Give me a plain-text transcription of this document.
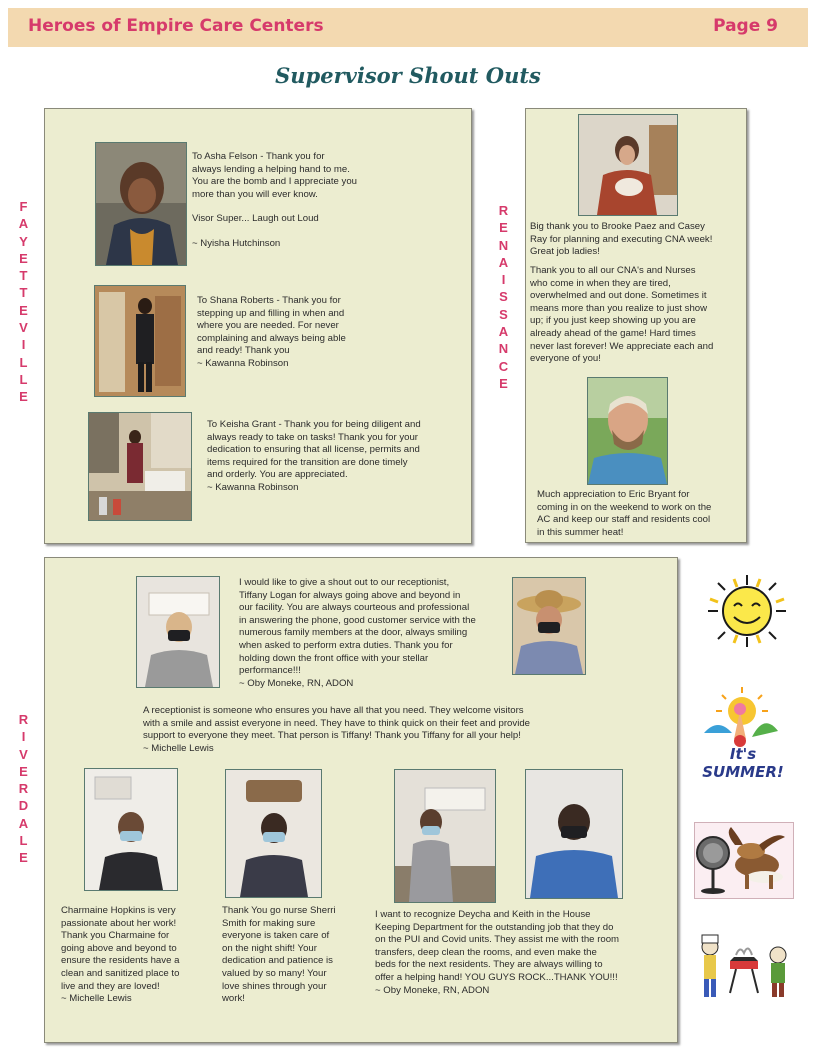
Heroes of Empire Care Centers	Page 9
Supervisor Shout Outs
F
A
Y
E
T
T
E
V
I
L
L
E
R
E
N
A
I
S
S
A
N
C
E
R
I
V
E
R
D
A
L
E

To Asha Felson - Thank you for

always lending a helping hand to me.

You are the bomb and I appreciate you

more than you will ever know.

Visor Super... Laugh out Loud

~ Nyisha Hutchinson

To Shana Roberts - Thank you for

stepping up and filling in when and

where you are needed. For never

complaining and always being able

and ready! Thank you

~ Kawanna Robinson

To Keisha Grant - Thank you for being diligent and

always ready to take on tasks! Thank you for your

dedication to ensuring that all license, permits and

items required for the transition are done timely

and orderly. You are appreciated.

~ Kawanna Robinson

Big thank you to Brooke Paez and Casey

Ray for planning and executing CNA week!

Great job ladies!

Thank you to all our CNA's and Nurses

who come in when they are tired,

overwhelmed and out done. Sometimes it

means more than you realize to just show

up; if you just keep showing up you are

already ahead of the game! Hard times

never last forever! We appreciate each and

everyone of you!

Much appreciation to Eric Bryant for

coming in on the weekend to work on the

AC and keep our staff and residents cool

in this summer heat!

I would like to give a shout out to our receptionist,

Tiffany Logan for always going above and beyond in

our facility. You are always courteous and professional

in answering the phone, good customer service with the

numerous family members at the door, always smiling

when asked to perform extra duties. Thank you for

holding down the front office with your stellar

performance!!!

~ Oby Moneke, RN, ADON

A receptionist is someone who ensures you have all that you need. They welcome visitors

with a smile and assist everyone in need. They have to think quick on their feet and provide

support to everyone they meet. That person is Tiffany! Thank you Tiffany for all your help!

~ Michelle Lewis

Charmaine Hopkins is very

passionate about her work!

Thank you Charmaine for

going above and beyond to

ensure the residents have a

clean and sanitized place to

live and they are loved!

~ Michelle Lewis

Thank You go nurse Sherri

Smith for making sure

everyone is taken care of

on the night shift! Your

dedication and patience is

valued by so many! Your

love shines through your

work!

I want to recognize Deycha and Keith in the House

Keeping Department for the outstanding job that they do

on the PUI and Covid units. They assist me with the room

transfers, deep clean the rooms, and even make the

beds for the next residents. They are always willing to

offer a helping hand! YOU GUYS ROCK...THANK YOU!!!

~ Oby Moneke, RN, ADON

It's SUMMER!
